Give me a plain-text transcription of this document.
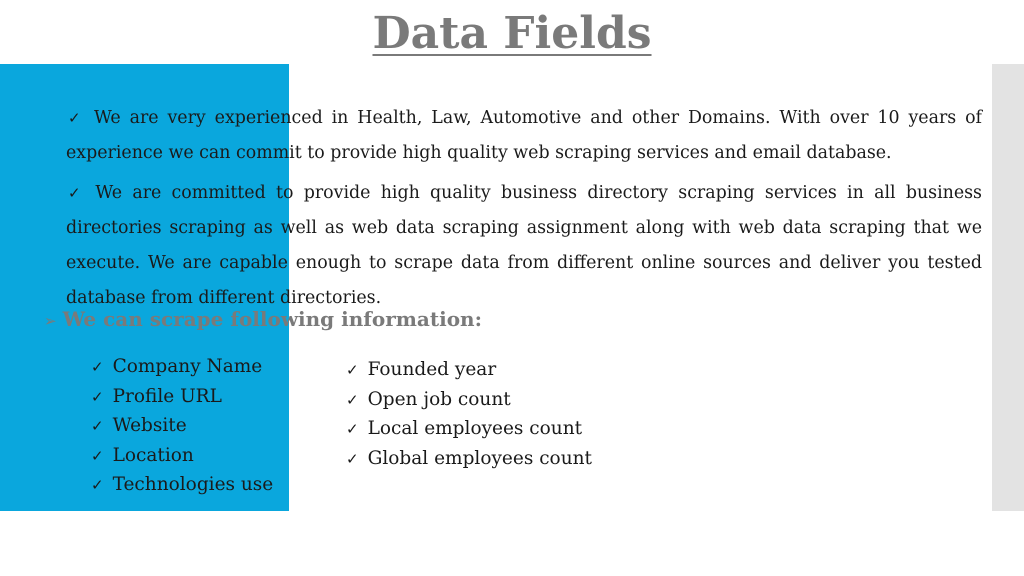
Data Fields

✓ We are very experienced in Health, Law, Automotive and other Domains. With over 10 years of experience we can commit to provide high quality web scraping services and email database.

✓ We are committed to provide high quality business directory scraping services in all business directories scraping as well as web data scraping assignment along with web data scraping that we execute. We are capable enough to scrape data from different online sources and deliver you tested database from different directories.

➢ We can scrape following information:

✓ Company Name
✓ Profile URL
✓ Website
✓ Location
✓ Technologies use
✓ Founded year
✓ Open job count
✓ Local employees count
✓ Global employees count
